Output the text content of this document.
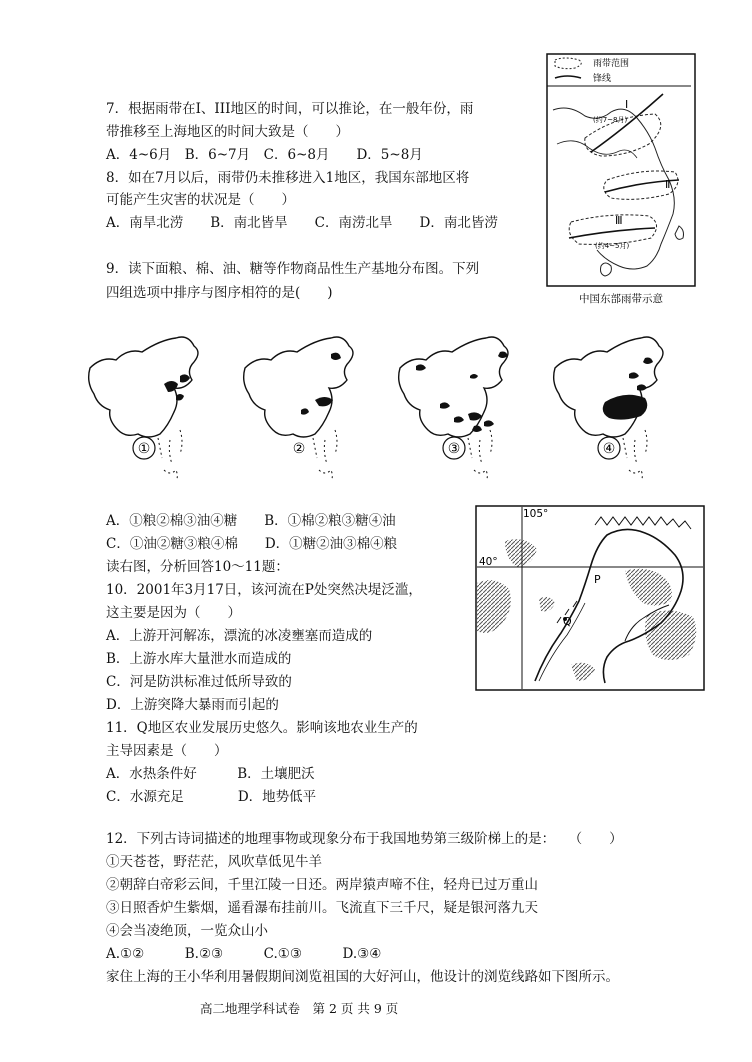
7．根据雨带在Ⅰ、III地区的时间，可以推论，在一般年份，雨
带推移至上海地区的时间大致是（　　）
A．4~6月　B．6~7月　C．6~8月　　D．5~8月
8．如在7月以后，雨带仍未推移进入1地区，我国东部地区将
可能产生灾害的状况是（　　）
A．南旱北涝　　B．南北皆旱　　C．南涝北旱　　D．南北皆涝
9．读下面粮、棉、油、糖等作物商品性生产基地分布图。下列
四组选项中排序与图序相符的是(　　)
雨带范围
锋线
I
(约7~8月)
Ⅱ
Ⅲ
(约4~5月)
中国东部雨带示意
①	②	③	④
A．①粮②棉③油④糖　　B．①棉②粮③糖④油
C．①油②糖③粮④棉　　D．①糖②油③棉④粮
读右图，分析回答10～11题：
105°
40°
P
Q
10．2001年3月17日，该河流在P处突然决堤泛滥，
这主要是因为（　　）
A．上游开河解冻，漂流的冰凌壅塞而造成的
B．上游水库大量泄水而造成的
C．河是防洪标准过低所导致的
D．上游突降大暴雨而引起的
11．Q地区农业发展历史悠久。影响该地农业生产的
主导因素是（　　）
A．水热条件好　　　B．土壤肥沃
C．水源充足　　　　D．地势低平
12．下列古诗词描述的地理事物或现象分布于我国地势第三级阶梯上的是：　　（　　）
①天苍苍，野茫茫，风吹草低见牛羊
②朝辞白帝彩云间，千里江陵一日还。两岸猿声啼不住，轻舟已过万重山
③日照香炉生紫烟，遥看瀑布挂前川。飞流直下三千尺，疑是银河落九天
④会当凌绝顶，一览众山小
A.①②　　　B.②③　　　C.①③　　　D.③④
家住上海的王小华利用暑假期间浏览祖国的大好河山，他设计的浏览线路如下图所示。
高二地理学科试卷　第 2 页 共 9 页
